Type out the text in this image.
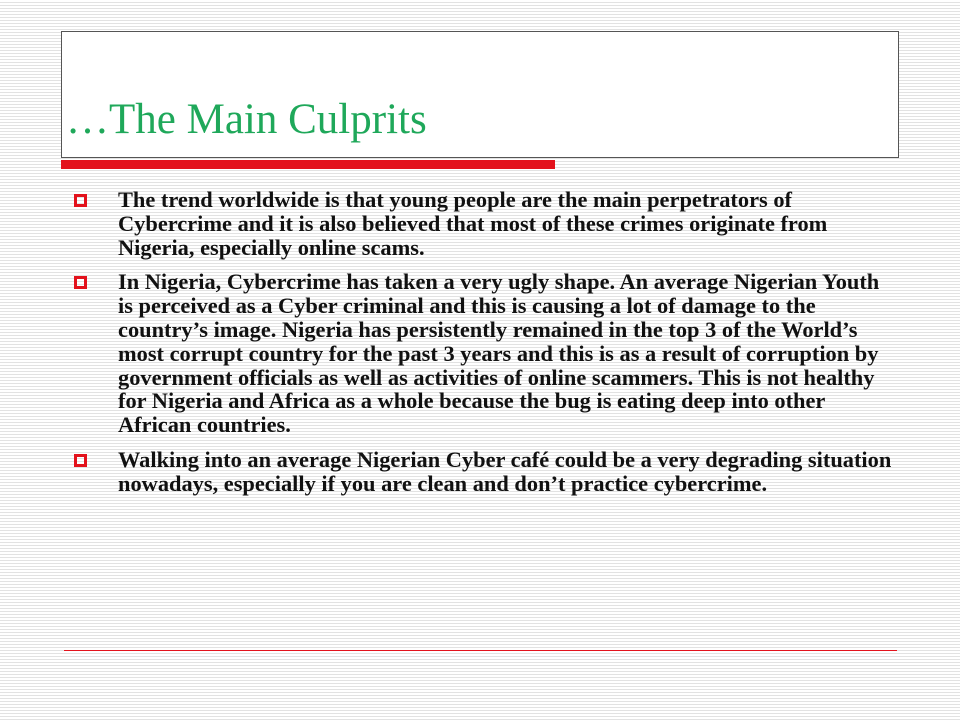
…The Main Culprits

The trend worldwide is that young people are the main perpetrators of Cybercrime and it is also believed that most of these crimes originate from Nigeria, especially online scams.

In Nigeria, Cybercrime has taken a very ugly shape. An average Nigerian Youth is perceived as a Cyber criminal and this is causing a lot of damage to the country’s image. Nigeria has persistently remained in the top 3 of the World’s most corrupt country for the past 3 years and this is as a result of corruption by government officials as well as activities of online scammers. This is not healthy for Nigeria and Africa as a whole because the bug is eating deep into other African countries.

Walking into an average Nigerian Cyber café could be a very degrading situation nowadays, especially if you are clean and don’t practice cybercrime.
